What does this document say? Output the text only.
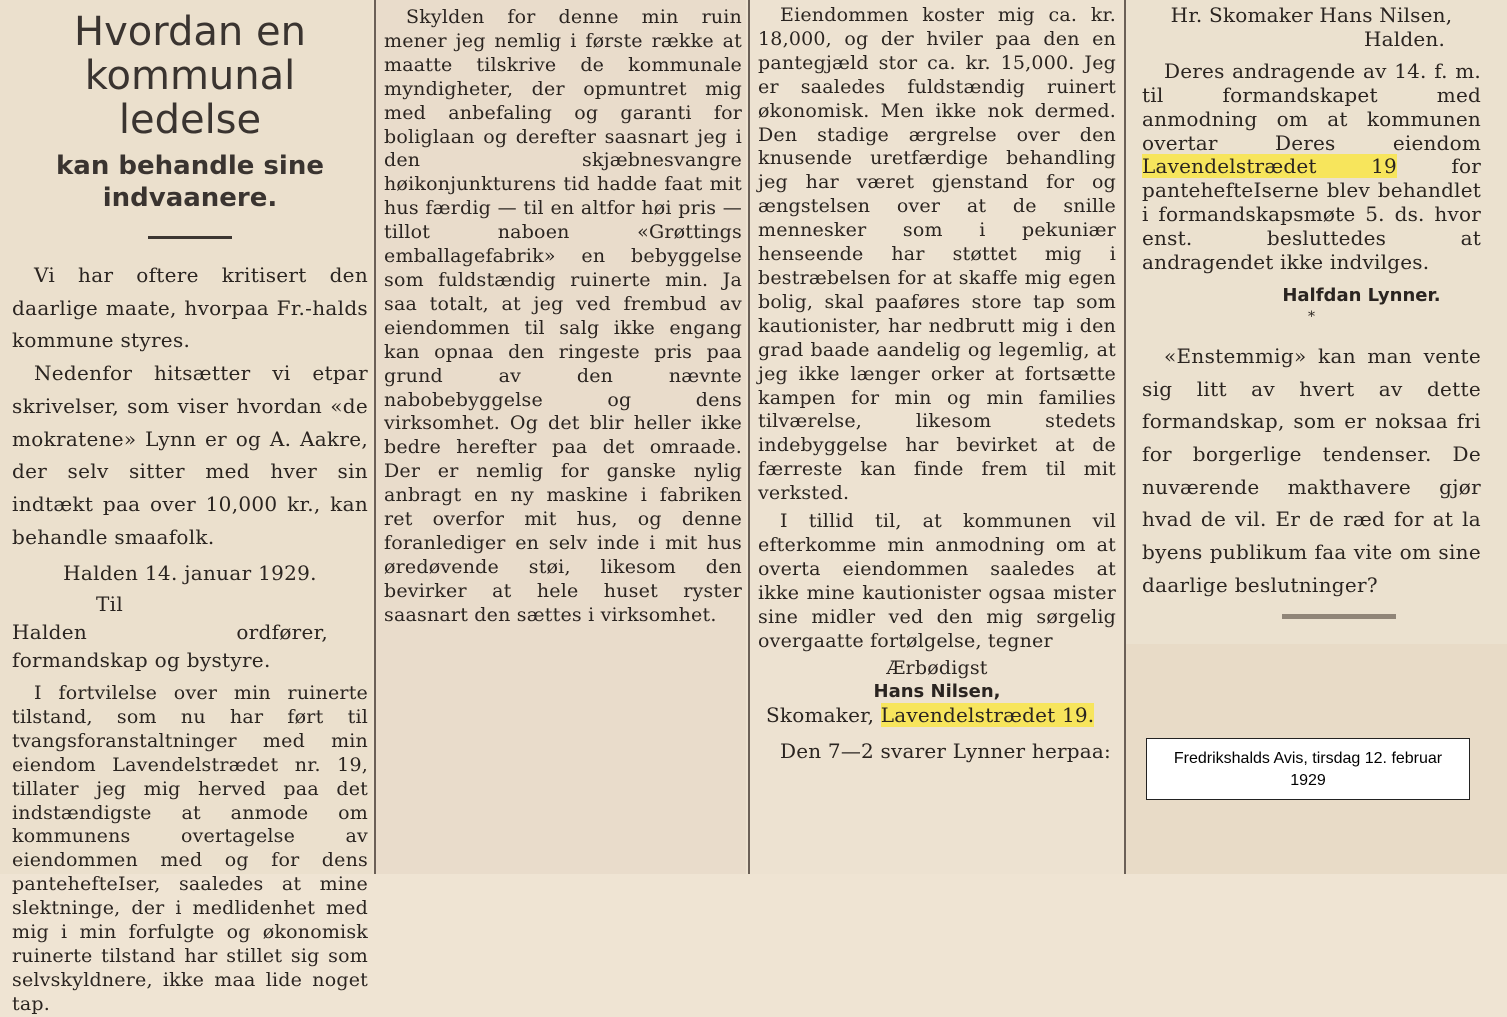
Hvordan en
kommunal
ledelse
kan behandle sine
indvaanere.

Vi har oftere kritisert den daarlige maate, hvorpaa Fr.-halds kommune styres.

Nedenfor hitsætter vi etpar skrivelser, som viser hvordan «de mokratene» Lynn er og A. Aakre, der selv sitter med hver sin indtækt paa over 10,000 kr., kan behandle smaafolk.

Halden 14. januar 1929.

Til

Halden ordfører, formandskap og bystyre.

I fortvilelse over min ruinerte tilstand, som nu har ført til tvangsforanstaltninger med min eiendom Lavendelstrædet nr. 19, tillater jeg mig herved paa det indstændigste at anmode om kommunens overtagelse av eiendommen med og for dens pantehefteIser, saaledes at mine slektninge, der i medlidenhet med mig i min forfulgte og økonomisk ruinerte tilstand har stillet sig som selvskyldnere, ikke maa lide noget tap.

Skylden for denne min ruin mener jeg nemlig i første række at maatte tilskrive de kommunale myndigheter, der opmuntret mig med anbefaling og garanti for boliglaan og derefter saasnart jeg i den skjæbnesvangre høikonjunkturens tid hadde faat mit hus færdig — til en altfor høi pris — tillot naboen «Grøttings emballagefabrik» en bebyggelse som fuldstændig ruinerte min. Ja saa totalt, at jeg ved frembud av eiendommen til salg ikke engang kan opnaa den ringeste pris paa grund av den nævnte nabobebyggelse og dens virksomhet. Og det blir heller ikke bedre herefter paa det omraade. Der er nemlig for ganske nylig anbragt en ny maskine i fabriken ret overfor mit hus, og denne foranlediger en selv inde i mit hus øredøvende støi, likesom den bevirker at hele huset ryster saasnart den sættes i virksomhet.

Eiendommen koster mig ca. kr. 18,000, og der hviler paa den en pantegjæld stor ca. kr. 15,000. Jeg er saaledes fuldstændig ruinert økonomisk. Men ikke nok dermed. Den stadige ærgrelse over den knusende uretfærdige behandling jeg har været gjenstand for og ængstelsen over at de snille mennesker som i pekuniær henseende har støttet mig i bestræbelsen for at skaffe mig egen bolig, skal paaføres store tap som kautionister, har nedbrutt mig i den grad baade aandelig og legemlig, at jeg ikke længer orker at fortsætte kampen for min og min families tilværelse, likesom stedets indebyggelse har bevirket at de færreste kan finde frem til mit verksted.

I tillid til, at kommunen vil efterkomme min anmodning om at overta eiendommen saaledes at ikke mine kautionister ogsaa mister sine midler ved den mig sørgelig overgaatte fortølgelse, tegner

Ærbødigst

Hans Nilsen,

Skomaker, Lavendelstrædet 19.

Den 7—2 svarer Lynner herpaa:

Hr. Skomaker Hans Nilsen,

Halden.

Deres andragende av 14. f. m. til formandskapet med anmodning om at kommunen overtar Deres eiendom Lavendelstrædet 19	for pantehefteIserne blev behandlet i formandskapsmøte 5. ds. hvor enst. besluttedes at andragendet ikke indvilges.

Halfdan Lynner.

*

«Enstemmig» kan man vente sig litt av hvert av dette formandskap, som er noksaa fri for borgerlige tendenser. De nuværende makthavere gjør hvad de vil. Er de ræd for at la byens publikum faa vite om sine daarlige beslutninger?

Fredrikshalds Avis, tirsdag 12. februar
1929
